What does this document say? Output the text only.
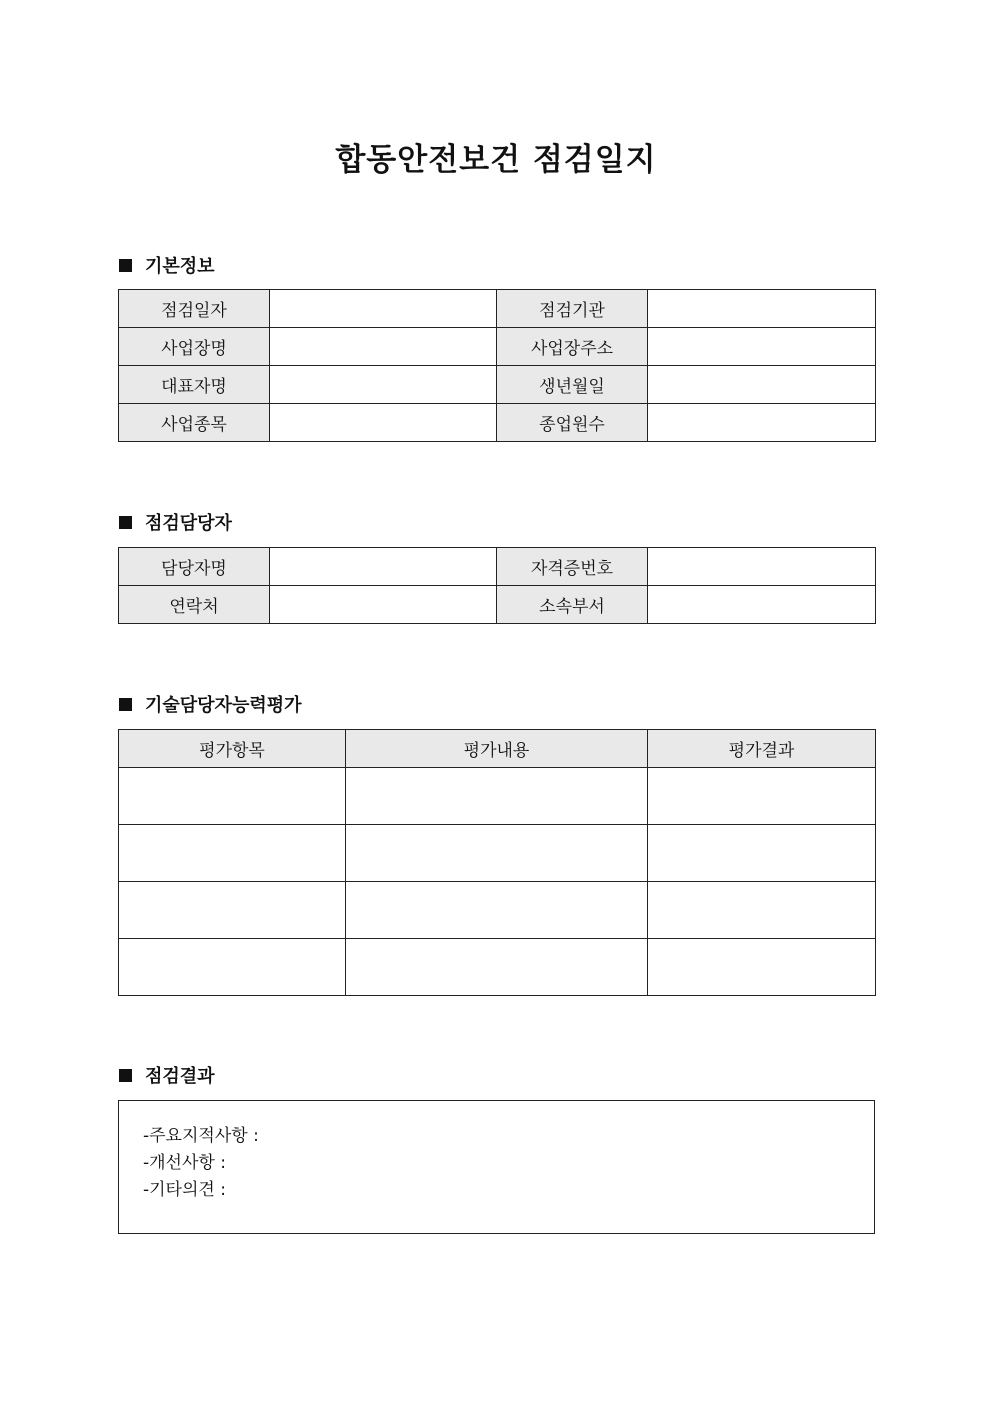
합동안전보건 점검일지
기본정보
점검일자		점검기관	
사업장명		사업장주소	
대표자명		생년월일	
사업종목		종업원수	
점검담당자
담당자명		자격증번호	
연락처		소속부서	
기술담당자능력평가
평가항목	평가내용	평가결과

점검결과
-주요지적사항 :
-개선사항 :
-기타의견 :
